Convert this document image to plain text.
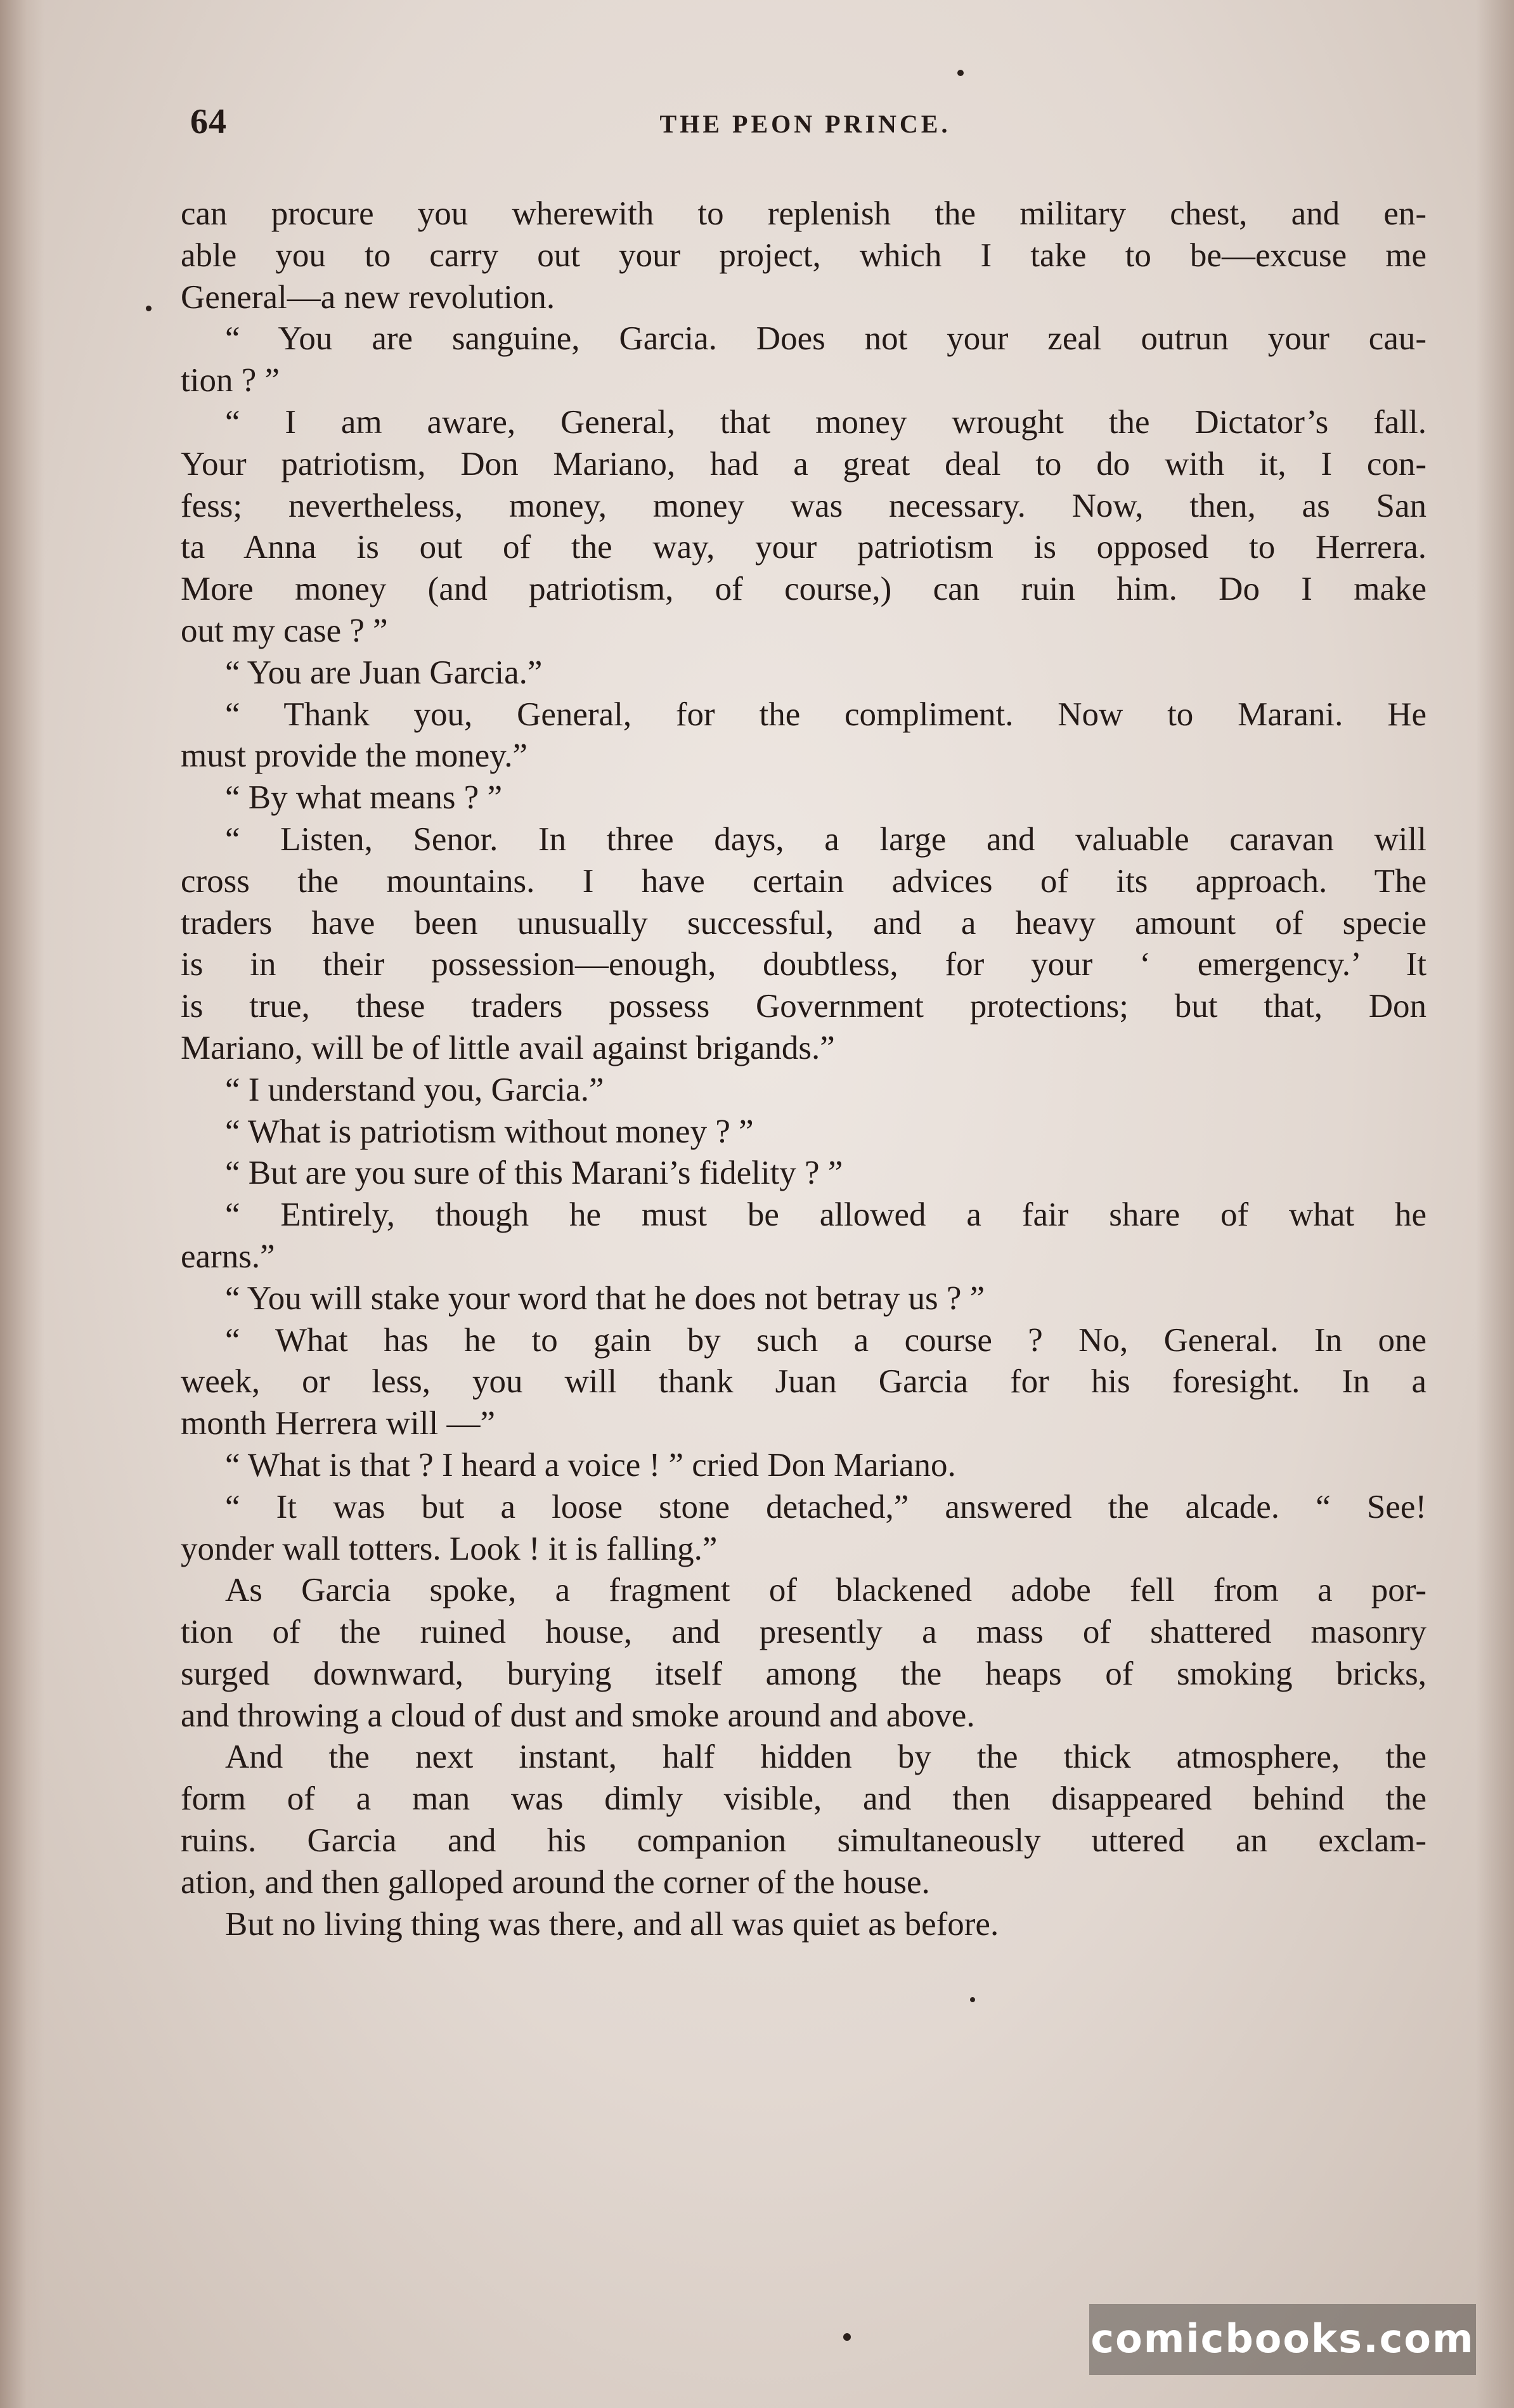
64	THE PEON PRINCE.
can procure you wherewith to replenish the military chest, and en-
able you to carry out your project, which I take to be—excuse me
General—a new revolution.
“ You are sanguine, Garcia. Does not your zeal outrun your cau-
tion ? ”
“ I am aware, General, that money wrought the Dictator’s fall.
Your patriotism, Don Mariano, had a great deal to do with it, I con-
fess; nevertheless, money, money was necessary. Now, then, as San
ta Anna is out of the way, your patriotism is opposed to Herrera.
More money (and patriotism, of course,) can ruin him. Do I make
out my case ? ”
“ You are Juan Garcia.”
“ Thank you, General, for the compliment. Now to Marani. He
must provide the money.”
“ By what means ? ”
“ Listen, Senor. In three days, a large and valuable caravan will
cross the mountains. I have certain advices of its approach. The
traders have been unusually successful, and a heavy amount of specie
is in their possession—enough, doubtless, for your ‘ emergency.’ It
is true, these traders possess Government protections; but that, Don
Mariano, will be of little avail against brigands.”
“ I understand you, Garcia.”
“ What is patriotism without money ? ”
“ But are you sure of this Marani’s fidelity ? ”
“ Entirely, though he must be allowed a fair share of what he
earns.”
“ You will stake your word that he does not betray us ? ”
“ What has he to gain by such a course ? No, General. In one
week, or less, you will thank Juan Garcia for his foresight. In a
month Herrera will —”
“ What is that ? I heard a voice ! ” cried Don Mariano.
“ It was but a loose stone detached,” answered the alcade. “ See!
yonder wall totters. Look ! it is falling.”
As Garcia spoke, a fragment of blackened adobe fell from a por-
tion of the ruined house, and presently a mass of shattered masonry
surged downward, burying itself among the heaps of smoking bricks,
and throwing a cloud of dust and smoke around and above.
And the next instant, half hidden by the thick atmosphere, the
form of a man was dimly visible, and then disappeared behind the
ruins. Garcia and his companion simultaneously uttered an exclam-
ation, and then galloped around the corner of the house.
But no living thing was there, and all was quiet as before.
comicbooks.com
